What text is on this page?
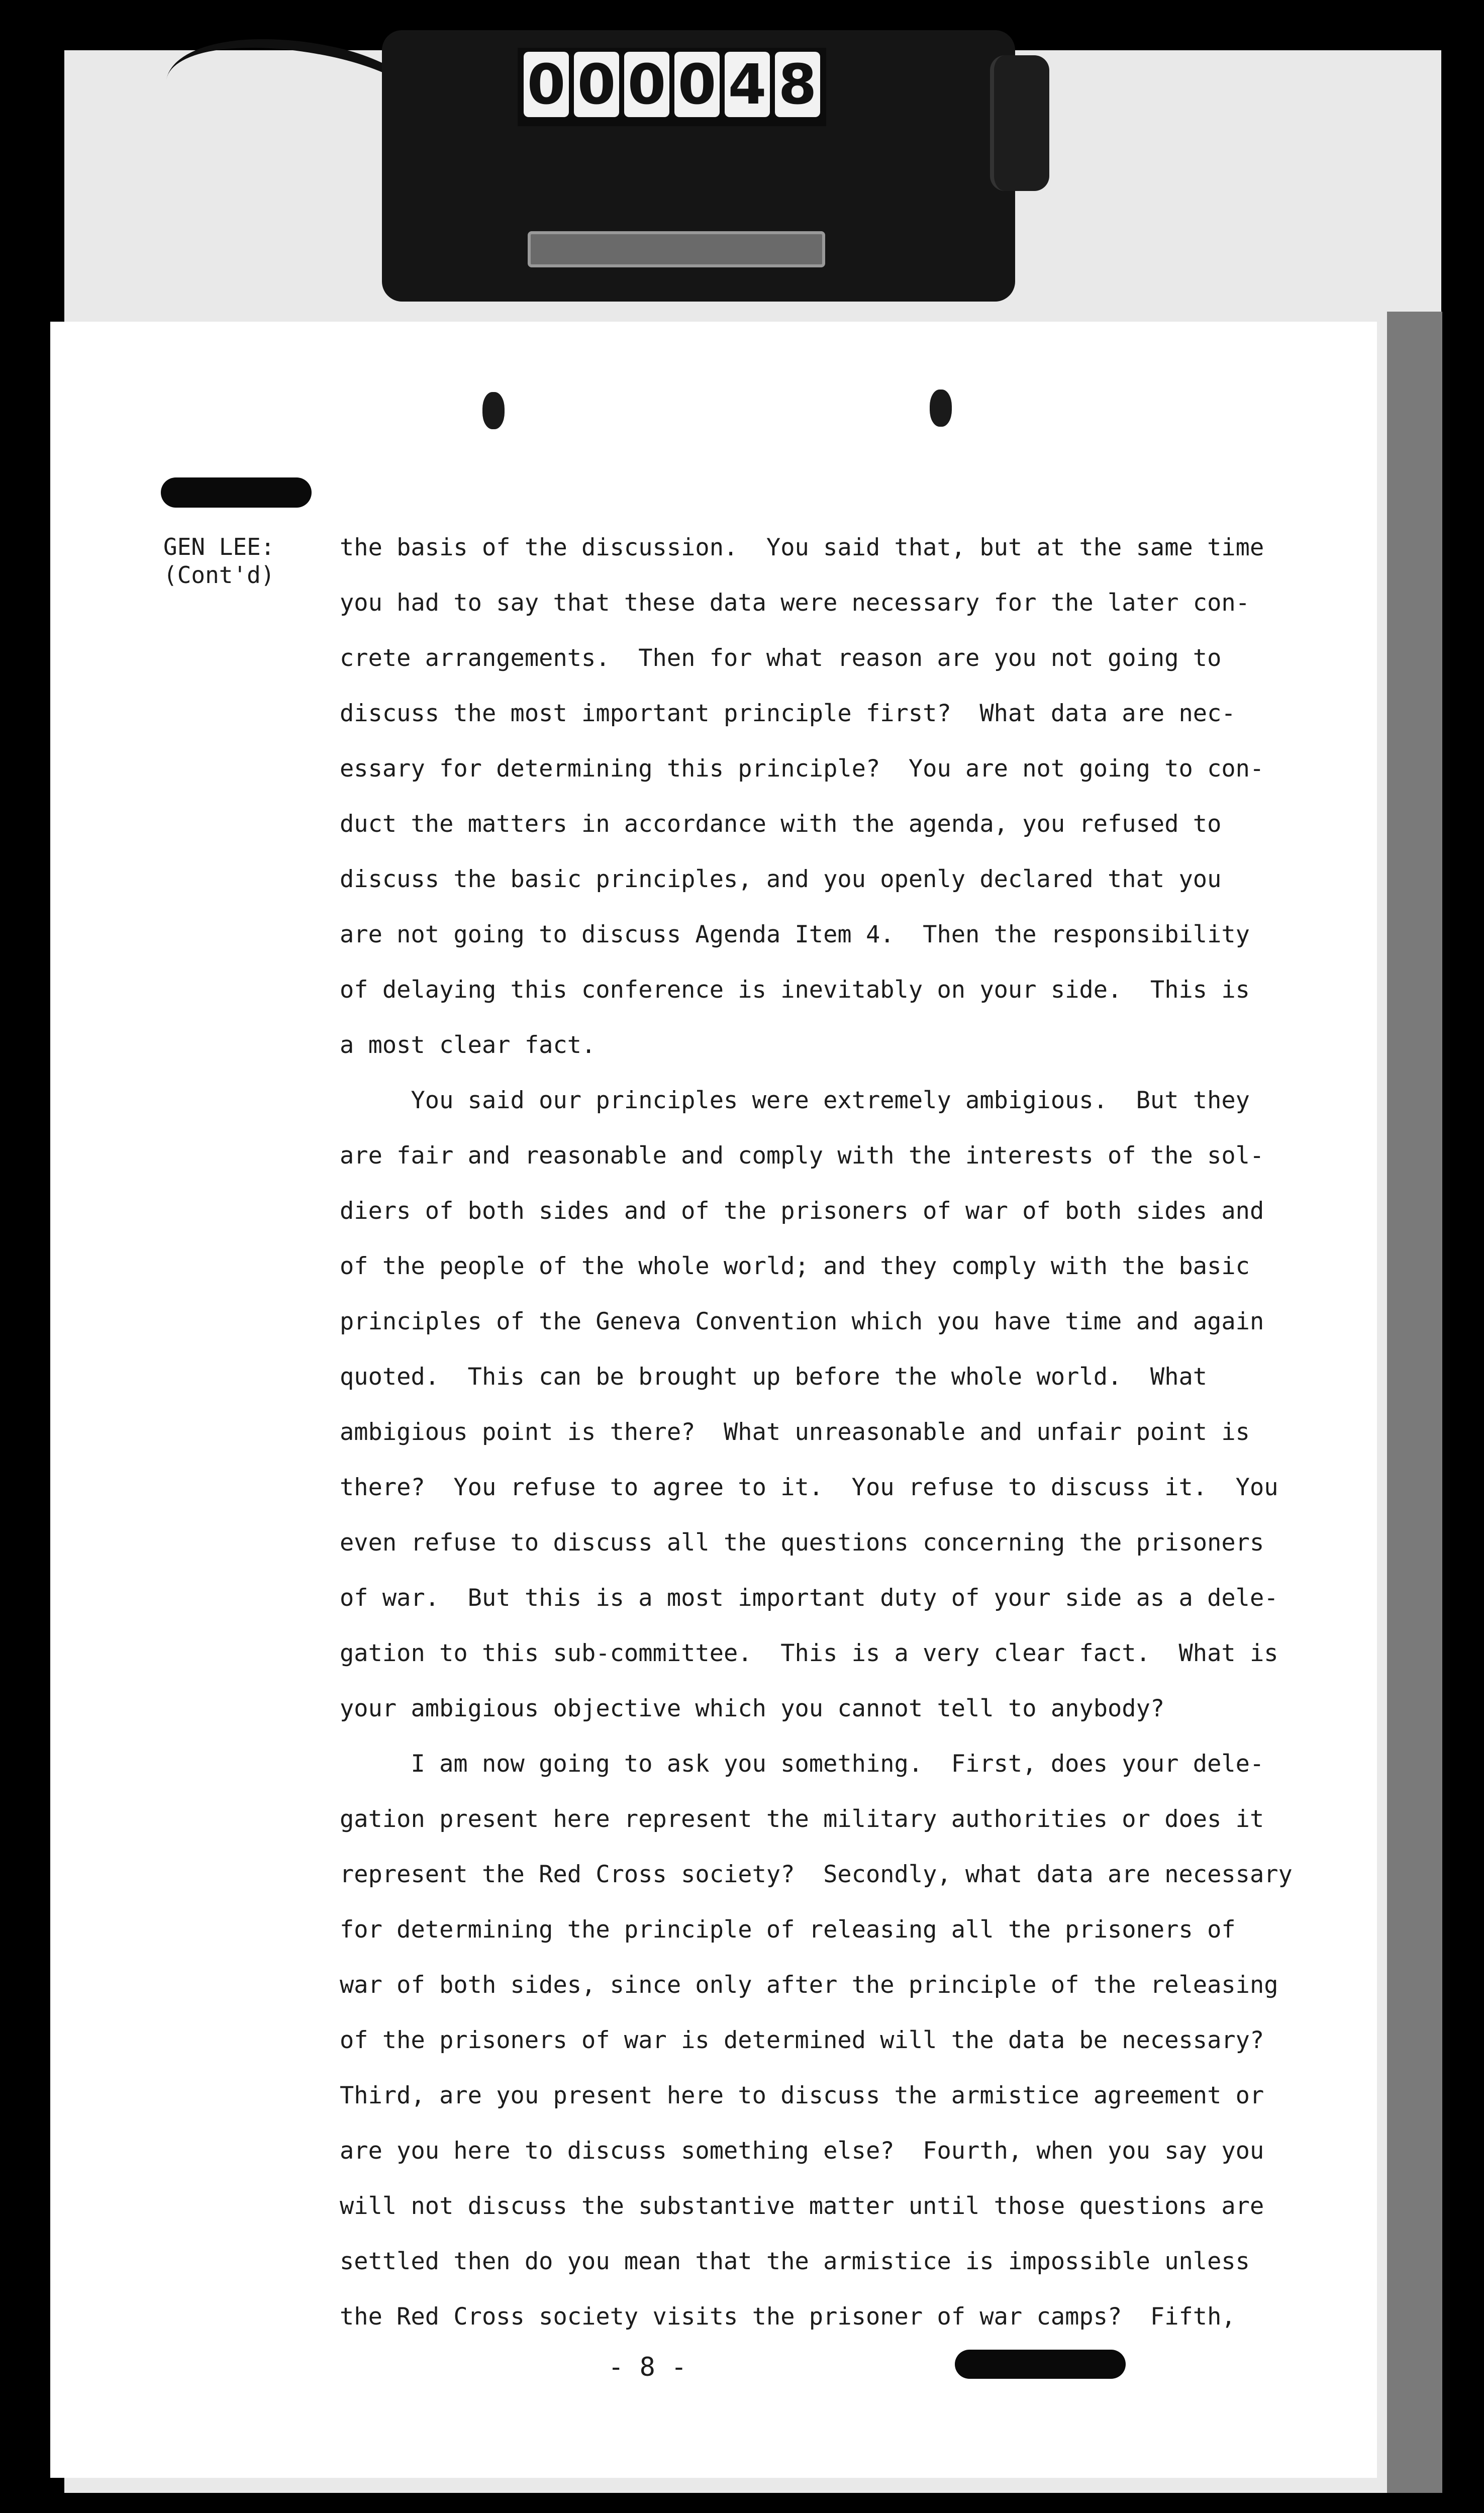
0 0 0 0 4 8
GEN LEE:
(Cont'd)

the basis of the discussion.  You said that, but at the same time
you had to say that these data were necessary for the later con-
crete arrangements.  Then for what reason are you not going to
discuss the most important principle first?  What data are nec-
essary for determining this principle?  You are not going to con-
duct the matters in accordance with the agenda, you refused to
discuss the basic principles, and you openly declared that you
are not going to discuss Agenda Item 4.  Then the responsibility
of delaying this conference is inevitably on your side.  This is
a most clear fact.

You said our principles were extremely ambigious.  But they
are fair and reasonable and comply with the interests of the sol-
diers of both sides and of the prisoners of war of both sides and
of the people of the whole world; and they comply with the basic
principles of the Geneva Convention which you have time and again
quoted.  This can be brought up before the whole world.  What
ambigious point is there?  What unreasonable and unfair point is
there?  You refuse to agree to it.  You refuse to discuss it.  You
even refuse to discuss all the questions concerning the prisoners
of war.  But this is a most important duty of your side as a dele-
gation to this sub-committee.  This is a very clear fact.  What is
your ambigious objective which you cannot tell to anybody?

I am now going to ask you something.  First, does your dele-
gation present here represent the military authorities or does it
represent the Red Cross society?  Secondly, what data are necessary
for determining the principle of releasing all the prisoners of
war of both sides, since only after the principle of the releasing
of the prisoners of war is determined will the data be necessary?
Third, are you present here to discuss the armistice agreement or
are you here to discuss something else?  Fourth, when you say you
will not discuss the substantive matter until those questions are
settled then do you mean that the armistice is impossible unless
the Red Cross society visits the prisoner of war camps?  Fifth,

- 8 -
